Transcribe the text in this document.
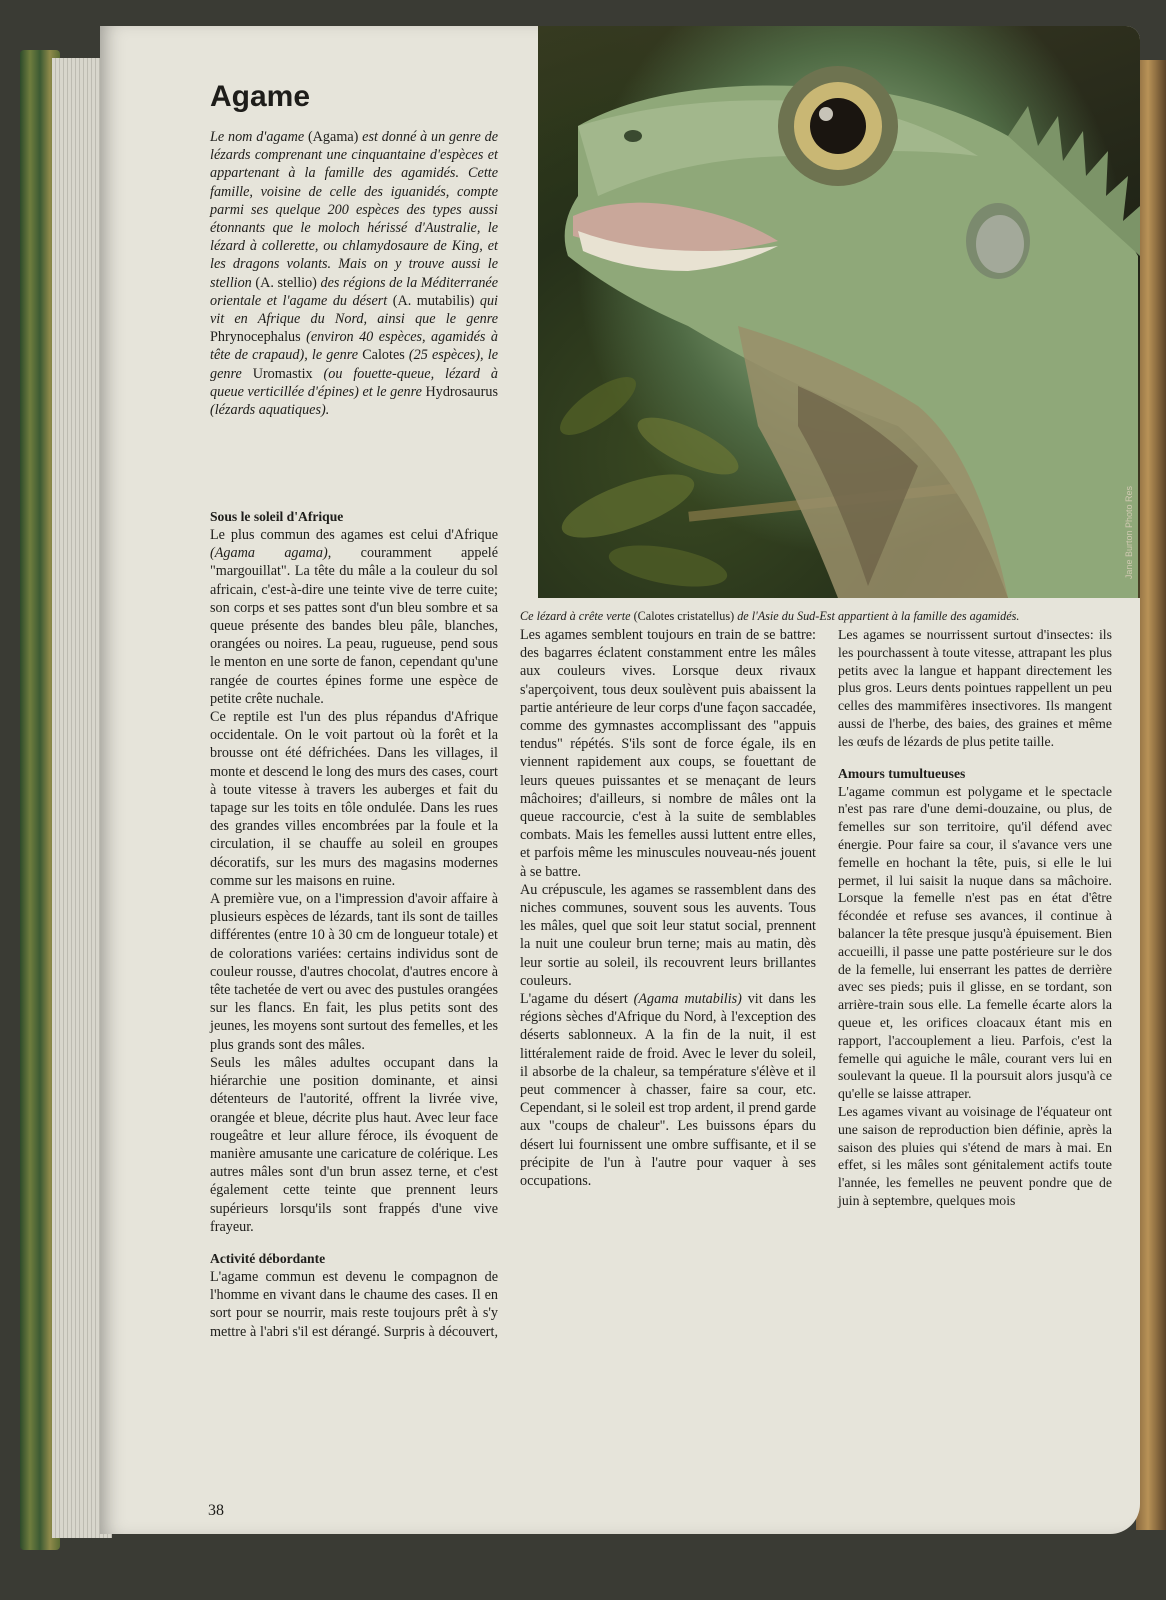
Jane Burton Photo Res
Ce lézard à crête verte (Calotes cristatellus) de l'Asie du Sud-Est appartient à la famille des agamidés.
Agame

Le nom d'agame (Agama) est donné à un genre de lézards comprenant une cinquantaine d'espèces et appartenant à la famille des agamidés. Cette famille, voisine de celle des iguanidés, compte parmi ses quelque 200 espèces des types aussi étonnants que le moloch hérissé d'Australie, le lézard à collerette, ou chlamydosaure de King, et les dragons volants. Mais on y trouve aussi le stellion (A. stellio) des régions de la Méditerranée orientale et l'agame du désert (A. mutabilis) qui vit en Afrique du Nord, ainsi que le genre Phrynocephalus (environ 40 espèces, agamidés à tête de crapaud), le genre Calotes (25 espèces), le genre Uromastix (ou fouette-queue, lézard à queue verticillée d'épines) et le genre Hydrosaurus (lézards aquatiques).

Sous le soleil d'Afrique

Le plus commun des agames est celui d'Afrique (Agama agama), couramment appelé "margouillat". La tête du mâle a la couleur du sol africain, c'est-à-dire une teinte vive de terre cuite; son corps et ses pattes sont d'un bleu sombre et sa queue présente des bandes bleu pâle, blanches, orangées ou noires. La peau, rugueuse, pend sous le menton en une sorte de fanon, cependant qu'une rangée de courtes épines forme une espèce de petite crête nuchale.

Ce reptile est l'un des plus répandus d'Afrique occidentale. On le voit partout où la forêt et la brousse ont été défrichées. Dans les villages, il monte et descend le long des murs des cases, court à toute vitesse à travers les auberges et fait du tapage sur les toits en tôle ondulée. Dans les rues des grandes villes encombrées par la foule et la circulation, il se chauffe au soleil en groupes décoratifs, sur les murs des magasins modernes comme sur les maisons en ruine.

A première vue, on a l'impression d'avoir affaire à plusieurs espèces de lézards, tant ils sont de tailles différentes (entre 10 à 30 cm de longueur totale) et de colorations variées: certains individus sont de couleur rousse, d'autres chocolat, d'autres encore à tête tachetée de vert ou avec des pustules orangées sur les flancs. En fait, les plus petits sont des jeunes, les moyens sont surtout des femelles, et les plus grands sont des mâles.

Seuls les mâles adultes occupant dans la hiérarchie une position dominante, et ainsi détenteurs de l'autorité, offrent la livrée vive, orangée et bleue, décrite plus haut. Avec leur face rougeâtre et leur allure féroce, ils évoquent de manière amusante une caricature de colérique. Les autres mâles sont d'un brun assez terne, et c'est également cette teinte que prennent leurs supérieurs lorsqu'ils sont frappés d'une vive frayeur.

Activité débordante

L'agame commun est devenu le compagnon de l'homme en vivant dans le chaume des cases. Il en sort pour se nourrir, mais reste toujours prêt à s'y mettre à l'abri s'il est dérangé. Surpris à découvert,

Les agames semblent toujours en train de se battre: des bagarres éclatent constamment entre les mâles aux couleurs vives. Lorsque deux rivaux s'aperçoivent, tous deux soulèvent puis abaissent la partie antérieure de leur corps d'une façon saccadée, comme des gymnastes accomplissant des "appuis tendus" répétés. S'ils sont de force égale, ils en viennent rapidement aux coups, se fouettant de leurs queues puissantes et se menaçant de leurs mâchoires; d'ailleurs, si nombre de mâles ont la queue raccourcie, c'est à la suite de semblables combats. Mais les femelles aussi luttent entre elles, et parfois même les minuscules nouveau-nés jouent à se battre.

Au crépuscule, les agames se rassemblent dans des niches communes, souvent sous les auvents. Tous les mâles, quel que soit leur statut social, prennent la nuit une couleur brun terne; mais au matin, dès leur sortie au soleil, ils recouvrent leurs brillantes couleurs.

L'agame du désert (Agama mutabilis) vit dans les régions sèches d'Afrique du Nord, à l'exception des déserts sablonneux. A la fin de la nuit, il est littéralement raide de froid. Avec le lever du soleil, il absorbe de la chaleur, sa température s'élève et il peut commencer à chasser, faire sa cour, etc. Cependant, si le soleil est trop ardent, il prend garde aux "coups de chaleur". Les buissons épars du désert lui fournissent une ombre suffisante, et il se précipite de l'un à l'autre pour vaquer à ses occupations.

Les agames se nourrissent surtout d'insectes: ils les pourchassent à toute vitesse, attrapant les plus petits avec la langue et happant directement les plus gros. Leurs dents pointues rappellent un peu celles des mammifères insectivores. Ils mangent aussi de l'herbe, des baies, des graines et même les œufs de lézards de plus petite taille.

Amours tumultueuses

L'agame commun est polygame et le spectacle n'est pas rare d'une demi-douzaine, ou plus, de femelles sur son territoire, qu'il défend avec énergie. Pour faire sa cour, il s'avance vers une femelle en hochant la tête, puis, si elle le lui permet, il lui saisit la nuque dans sa mâchoire. Lorsque la femelle n'est pas en état d'être fécondée et refuse ses avances, il continue à balancer la tête presque jusqu'à épuisement. Bien accueilli, il passe une patte postérieure sur le dos de la femelle, lui enserrant les pattes de derrière avec ses pieds; puis il glisse, en se tordant, son arrière-train sous elle. La femelle écarte alors la queue et, les orifices cloacaux étant mis en rapport, l'accouplement a lieu. Parfois, c'est la femelle qui aguiche le mâle, courant vers lui en soulevant la queue. Il la poursuit alors jusqu'à ce qu'elle se laisse attraper.

Les agames vivant au voisinage de l'équateur ont une saison de reproduction bien définie, après la saison des pluies qui s'étend de mars à mai. En effet, si les mâles sont génitalement actifs toute l'année, les femelles ne peuvent pondre que de juin à septembre, quelques mois

38
